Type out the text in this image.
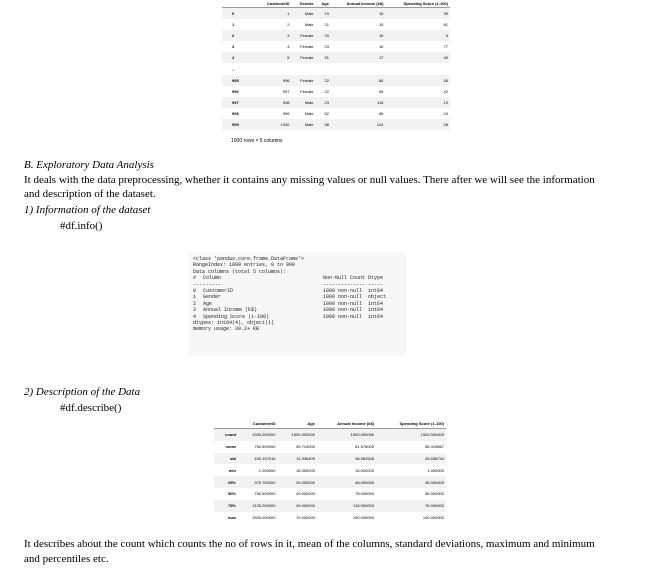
	CustomerID	Gender	Age	Annual Income (k$)	Spending Score (1-100)
0	1	Male	19	15	39
1	2	Male	21	15	81
2	3	Female	20	16	6
3	4	Female	23	16	77
4	5	Female	31	17	40
...					
995	996	Female	22	84	56
996	997	Female	22	65	42
997	998	Male	23	115	19
998	999	Male	52	86	24
999	1000	Male	58	124	28
1000 rows × 5 columns
B. Exploratory Data Analysis
It deals with the data preprocessing, whether it contains any missing values or null values. There after we will see the information
and description of the dataset.
1) Information of the dataset
#df.info()
<class 'pandas.core.frame.DataFrame'>
RangeIndex: 1000 entries, 0 to 999
Data columns (total 5 columns):
#	Column	Non-Null Count Dtype
--- ------	-------------- -----
0	CustomerID	1000 non-null	int64
1	Gender	1000 non-null	object
2	Age	1000 non-null	int64
3	Annual Income (k$)	1000 non-null	int64
4	Spending Score (1-100)	1000 non-null	int64
dtypes: int64(4), object(1)
memory usage: 39.2+ KB
2) Description of the Data
#df.describe()
	CustomerID	Age	Annual Income (k$)	Spending Score (1-100)
count	1500.000000	1500.000000	1500.000000	1500.000000
mean	750.500000	39.714000	81.576000	55.419667
std	433.157015	11.936409	38.582528	25.536734
min	1.000000	18.000000	15.000000	1.000000
25%	375.750000	29.000000	48.000000	35.000000
50%	750.500000	40.000000	78.000000	56.000000
75%	1125.250000	49.000000	116.000000	76.000000
max	1500.000000	70.000000	150.000000	100.000000
It describes about the count which counts the no of rows in it, mean of the columns, standard deviations, maximum and minimum
and percentiles etc.
